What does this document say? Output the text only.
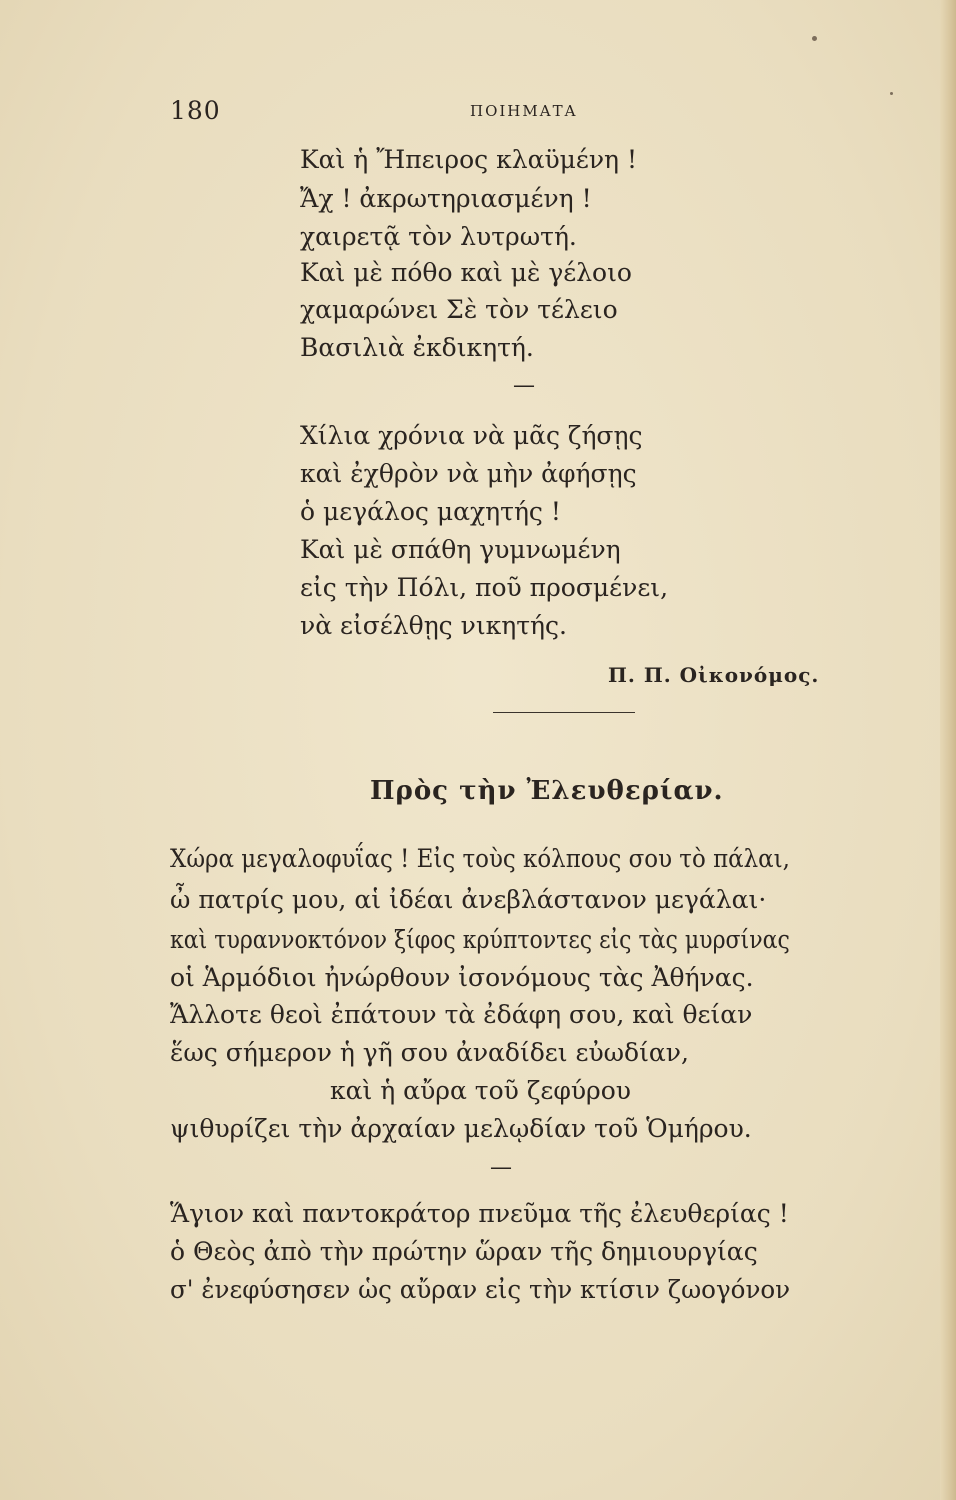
180	ΠΟΙΗΜΑΤΑ
Καὶ ἡ Ἤπειρος κλαϋμένη !
Ἄχ ! ἀκρωτηριασμένη !
χαιρετᾷ τὸν λυτρωτή.
Καὶ μὲ πόθο καὶ μὲ γέλοιο
χαμαρώνει Σὲ τὸν τέλειο
Βασιλιὰ ἐκδικητή.
—
Χίλια χρόνια νὰ μᾶς ζήσῃς
καὶ ἐχθρὸν νὰ μὴν ἀφήσῃς
ὁ μεγάλος μαχητής !
Καὶ μὲ σπάθη γυμνωμένη
εἰς τὴν Πόλι, ποῦ προσμένει,
νὰ εἰσέλθῃς νικητής.
Π. Π. Οἰκονόμος.
Πρὸς τὴν Ἐλευθερίαν.
Χώρα μεγαλοφυΐας ! Εἰς τοὺς κόλπους σου τὸ πάλαι,
ὦ πατρίς μου, αἱ ἰδέαι ἀνεβλάστανον μεγάλαι·
καὶ τυραννοκτόνον ξίφος κρύπτοντες εἰς τὰς μυρσίνας
οἱ Ἁρμόδιοι ἠνώρθουν ἰσονόμους τὰς Ἀθήνας.
Ἄλλοτε θεοὶ ἐπάτουν τὰ ἐδάφη σου, καὶ θείαν
ἕως σήμερον ἡ γῆ σου ἀναδίδει εὐωδίαν,
καὶ ἡ αὔρα τοῦ ζεφύρου
ψιθυρίζει τὴν ἀρχαίαν μελῳδίαν τοῦ Ὁμήρου.
—
Ἅγιον καὶ παντοκράτορ πνεῦμα τῆς ἐλευθερίας !
ὁ Θεὸς ἀπὸ τὴν πρώτην ὥραν τῆς δημιουργίας
σ' ἐνεφύσησεν ὡς αὔραν εἰς τὴν κτίσιν ζωογόνον
